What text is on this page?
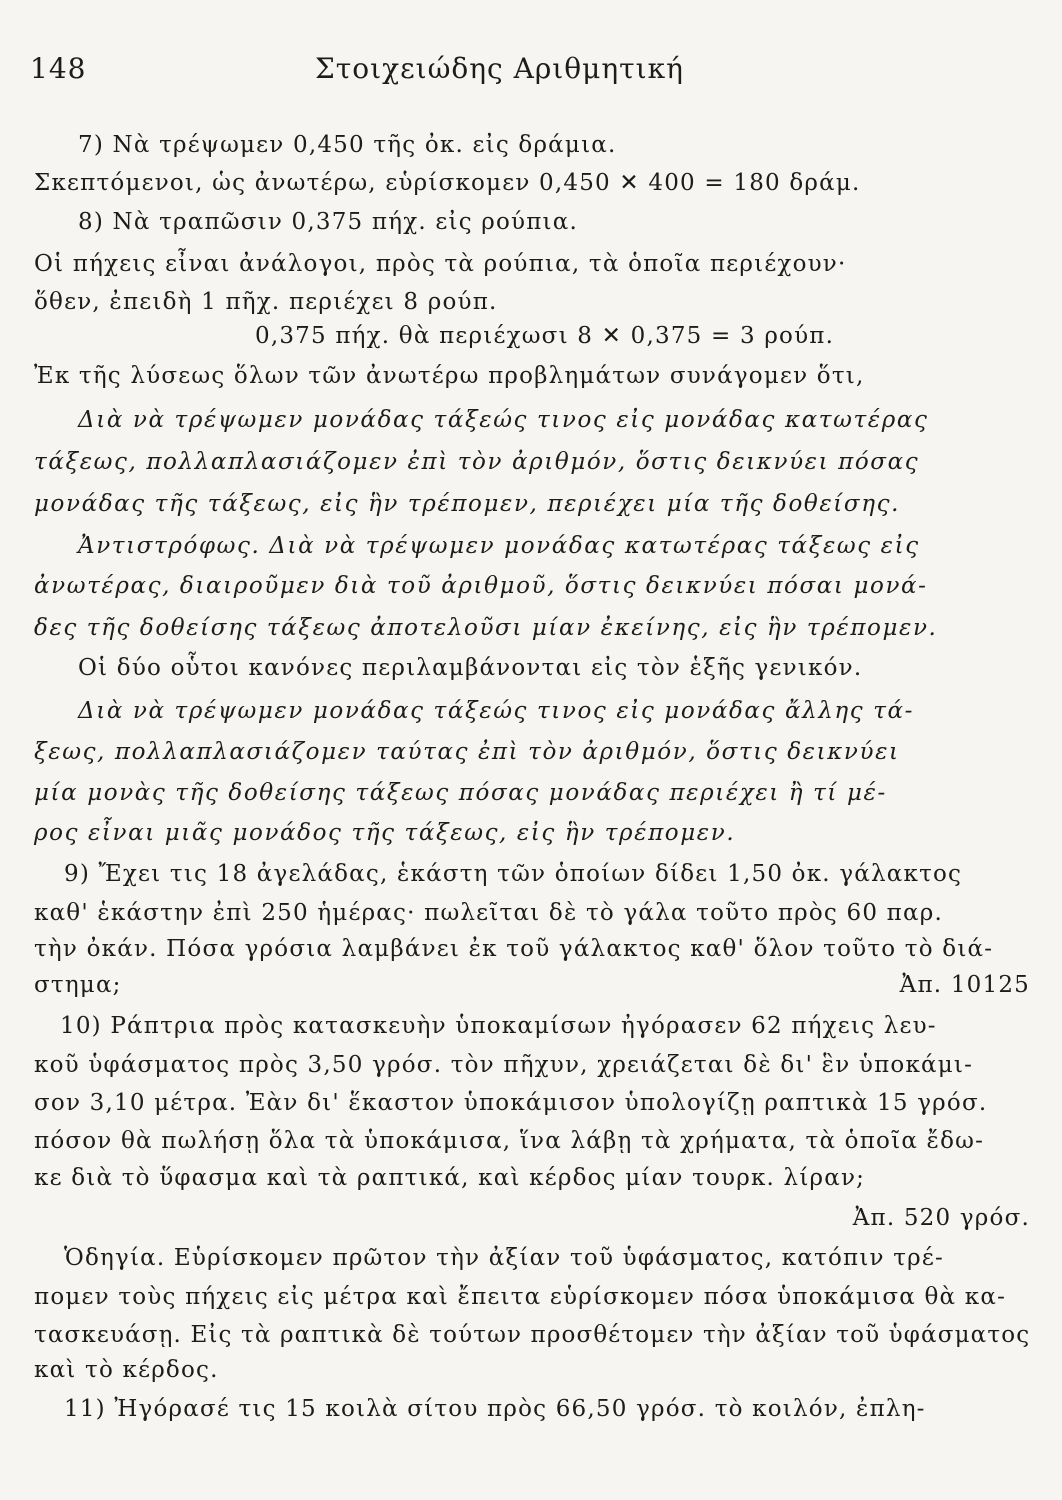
148	Στοιχειώδης Αριθμητική
7) Νὰ τρέψωμεν 0,450 τῆς ὀκ. εἰς δράμια.
Σκεπτόμενοι, ὡς ἀνωτέρω, εὑρίσκομεν 0,450 ✕ 400 = 180 δράμ.
8) Νὰ τραπῶσιν 0,375 πήχ. εἰς ρούπια.
Οἱ πήχεις εἶναι ἀνάλογοι, πρὸς τὰ ρούπια, τὰ ὁποῖα περιέχουν·
ὅθεν, ἐπειδὴ 1 πῆχ. περιέχει 8 ρούπ.
0,375 πήχ. θὰ περιέχωσι 8 ✕ 0,375 = 3 ρούπ.
Ἐκ τῆς λύσεως ὅλων τῶν ἀνωτέρω προβλημάτων συνάγομεν ὅτι,
Διὰ νὰ τρέψωμεν μονάδας τάξεώς τινος εἰς μονάδας κατωτέρας
τάξεως, πολλαπλασιάζομεν ἐπὶ τὸν ἀριθμόν, ὅστις δεικνύει πόσας
μονάδας τῆς τάξεως, εἰς ἣν τρέπομεν, περιέχει μία τῆς δοθείσης.
Ἀντιστρόφως. Διὰ νὰ τρέψωμεν μονάδας κατωτέρας τάξεως εἰς
ἀνωτέρας, διαιροῦμεν διὰ τοῦ ἀριθμοῦ, ὅστις δεικνύει πόσαι μονά-
δες τῆς δοθείσης τάξεως ἀποτελοῦσι μίαν ἐκείνης, εἰς ἣν τρέπομεν.
Οἱ δύο οὗτοι κανόνες περιλαμβάνονται εἰς τὸν ἑξῆς γενικόν.
Διὰ νὰ τρέψωμεν μονάδας τάξεώς τινος εἰς μονάδας ἄλλης τά-
ξεως, πολλαπλασιάζομεν ταύτας ἐπὶ τὸν ἀριθμόν, ὅστις δεικνύει
μία μονὰς τῆς δοθείσης τάξεως πόσας μονάδας περιέχει ἢ τί μέ-
ρος εἶναι μιᾶς μονάδος τῆς τάξεως, εἰς ἣν τρέπομεν.
9) Ἔχει τις 18 ἀγελάδας, ἑκάστη τῶν ὁποίων δίδει 1,50 ὀκ. γάλακτος
καθ' ἑκάστην ἐπὶ 250 ἡμέρας· πωλεῖται δὲ τὸ γάλα τοῦτο πρὸς 60 παρ.
τὴν ὀκάν. Πόσα γρόσια λαμβάνει ἐκ τοῦ γάλακτος καθ' ὅλον τοῦτο τὸ διά-
στημα;	Ἀπ. 10125
10) Ράπτρια πρὸς κατασκευὴν ὑποκαμίσων ἠγόρασεν 62 πήχεις λευ-
κοῦ ὑφάσματος πρὸς 3,50 γρόσ. τὸν πῆχυν, χρειάζεται δὲ δι' ἓν ὑποκάμι-
σον 3,10 μέτρα. Ἐὰν δι' ἕκαστον ὑποκάμισον ὑπολογίζῃ ραπτικὰ 15 γρόσ.
πόσον θὰ πωλήσῃ ὅλα τὰ ὑποκάμισα, ἵνα λάβῃ τὰ χρήματα, τὰ ὁποῖα ἔδω-
κε διὰ τὸ ὕφασμα καὶ τὰ ραπτικά, καὶ κέρδος μίαν τουρκ. λίραν;
Ἀπ. 520 γρόσ.
Ὁδηγία. Εὑρίσκομεν πρῶτον τὴν ἀξίαν τοῦ ὑφάσματος, κατόπιν τρέ-
πομεν τοὺς πήχεις εἰς μέτρα καὶ ἔπειτα εὑρίσκομεν πόσα ὑποκάμισα θὰ κα-
τασκευάσῃ. Εἰς τὰ ραπτικὰ δὲ τούτων προσθέτομεν τὴν ἀξίαν τοῦ ὑφάσματος
καὶ τὸ κέρδος.
11) Ἠγόρασέ τις 15 κοιλὰ σίτου πρὸς 66,50 γρόσ. τὸ κοιλόν, ἐπλη-
